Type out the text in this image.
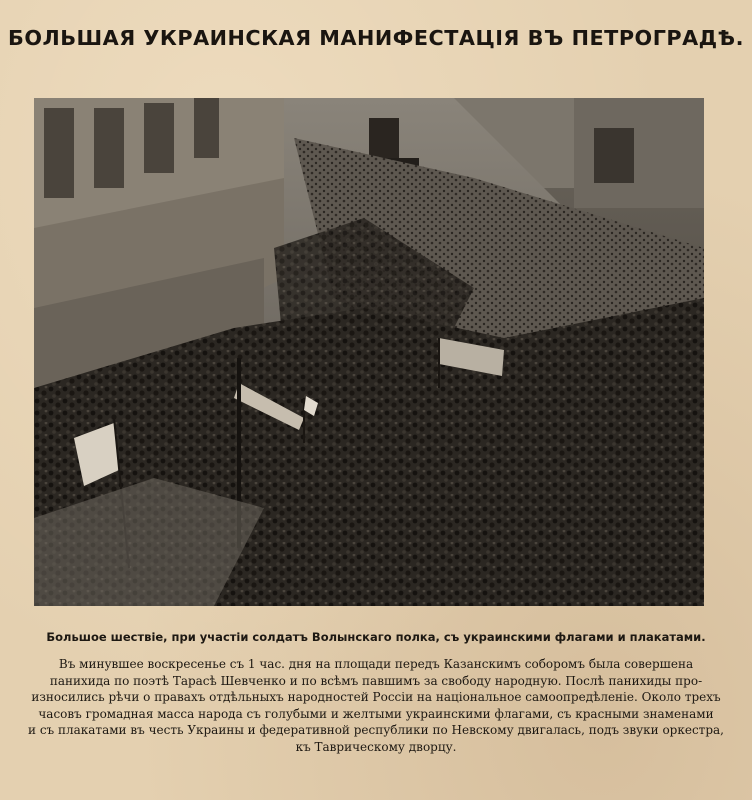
БОЛЬШАЯ УКРАИНСКАЯ МАНИФЕСТАЦІЯ ВЪ ПЕТРОГРАДѢ.
Большое шествіе, при участіи солдатъ Волынскаго полка, съ украинскими флагами и плакатами.
Въ минувшее воскресенье съ 1 час. дня на площади передъ Казанскимъ соборомъ была совершена
панихида по поэтѣ Тарасѣ Шевченко и по всѣмъ павшимъ за свободу народную. Послѣ панихиды про-
износились рѣчи о правахъ отдѣльныхъ народностей Россіи на національное самоопредѣленіе. Около трехъ
часовъ громадная масса народа съ голубыми и желтыми украинскими флагами, съ красными знаменами
и съ плакатами въ честь Украины и федеративной республики по Невскому двигалась, подъ звуки оркестра,
къ Таврическому дворцу.
